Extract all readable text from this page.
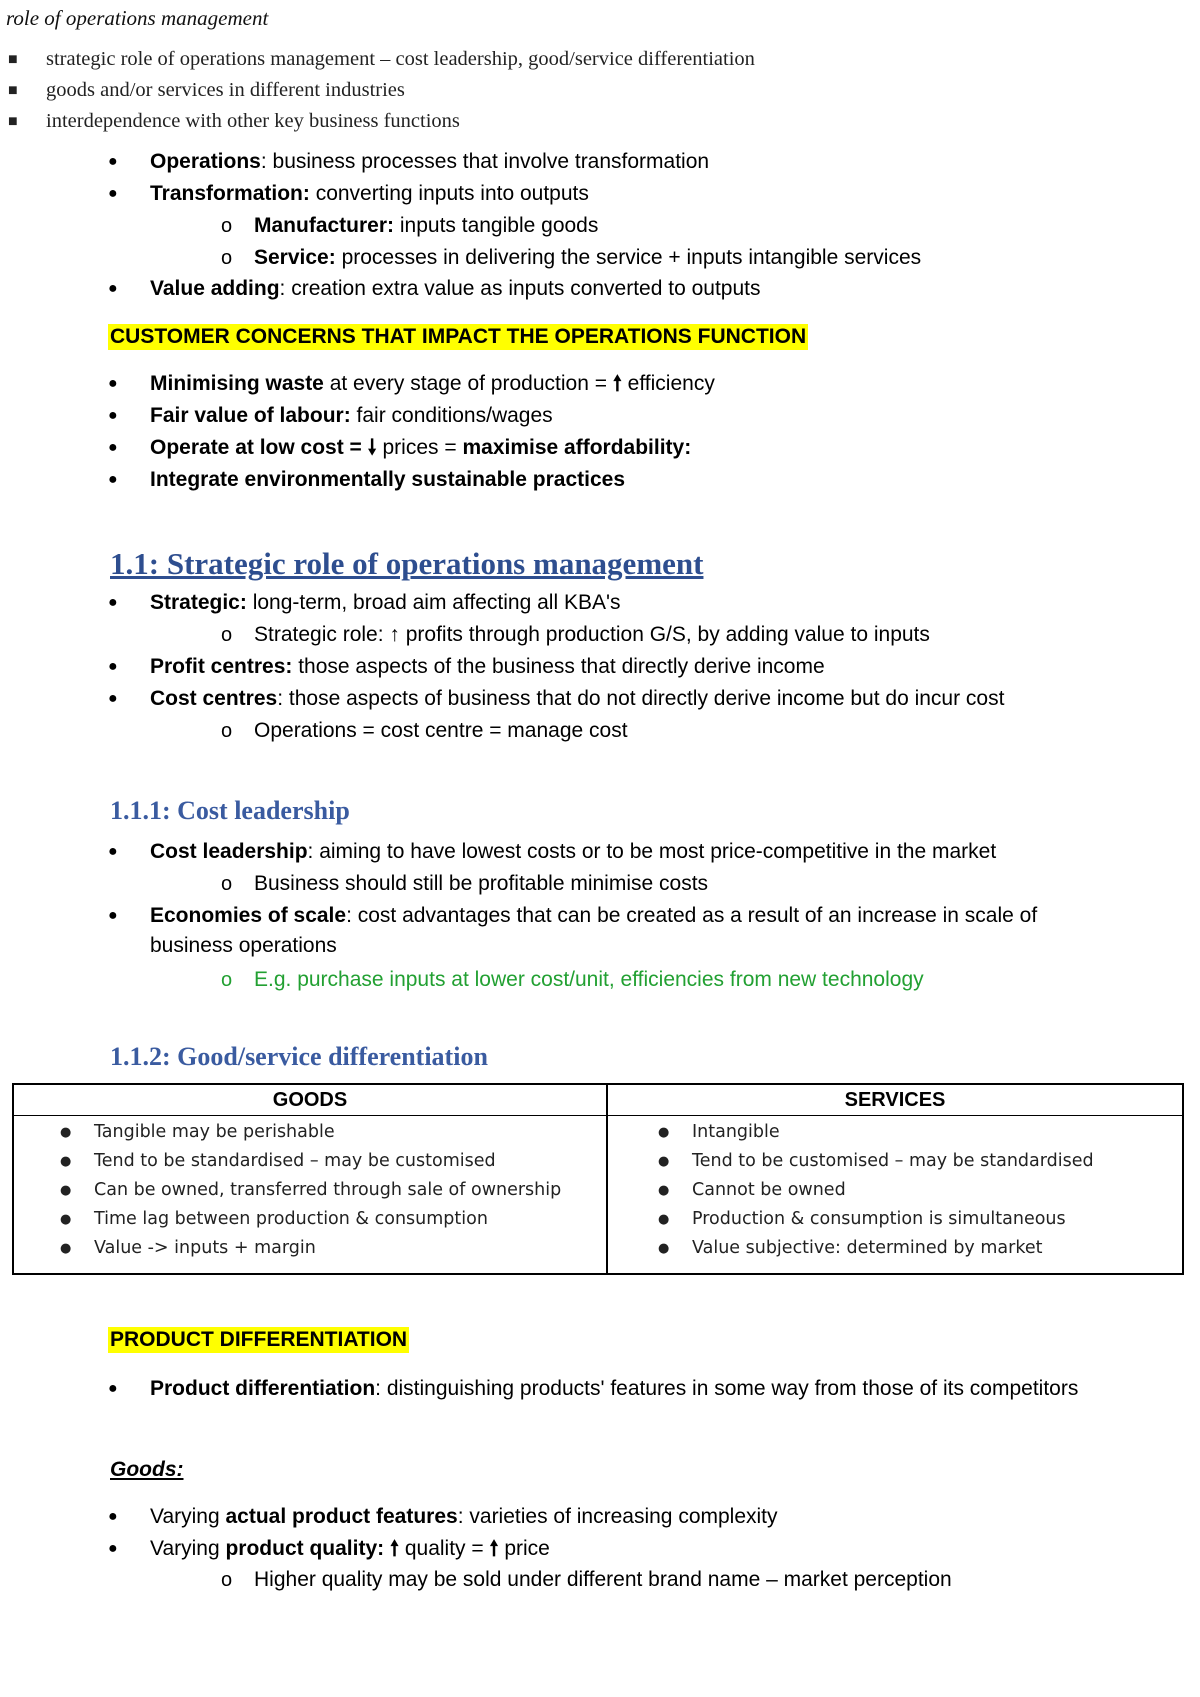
role of operations management
■ strategic role of operations management – cost leadership, good/service differentiation
■ goods and/or services in different industries
■ interdependence with other key business functions
● Operations: business processes that involve transformation
● Transformation: converting inputs into outputs
o Manufacturer: inputs tangible goods
o Service: processes in delivering the service + inputs intangible services
● Value adding: creation extra value as inputs converted to outputs
CUSTOMER CONCERNS THAT IMPACT THE OPERATIONS FUNCTION
● Minimising waste at every stage of production = 🠕 efficiency
● Fair value of labour: fair conditions/wages
● Operate at low cost = 🠗 prices = maximise affordability:
● Integrate environmentally sustainable practices
1.1: Strategic role of operations management
● Strategic: long-term, broad aim affecting all KBA's
o Strategic role: ↑ profits through production G/S, by adding value to inputs
● Profit centres: those aspects of the business that directly derive income
● Cost centres: those aspects of business that do not directly derive income but do incur cost
o Operations = cost centre = manage cost
1.1.1: Cost leadership
● Cost leadership: aiming to have lowest costs or to be most price-competitive in the market
o Business should still be profitable minimise costs
● Economies of scale: cost advantages that can be created as a result of an increase in scale of business operations
o E.g. purchase inputs at lower cost/unit, efficiencies from new technology
1.1.2: Good/service differentiation
GOODS
● Tangible may be perishable
● Tend to be standardised – may be customised
● Can be owned, transferred through sale of ownership
● Time lag between production & consumption
● Value -> inputs + margin
SERVICES
● Intangible
● Tend to be customised – may be standardised
● Cannot be owned
● Production & consumption is simultaneous
● Value subjective: determined by market
PRODUCT DIFFERENTIATION
● Product differentiation: distinguishing products' features in some way from those of its competitors
Goods:
● Varying actual product features: varieties of increasing complexity
● Varying product quality: 🠕 quality = 🠕 price
o Higher quality may be sold under different brand name – market perception
